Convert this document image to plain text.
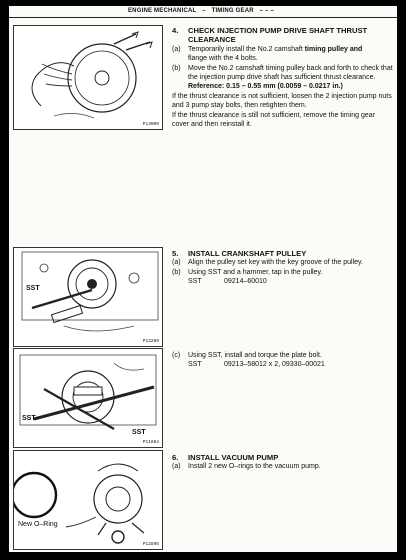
ENGINE MECHANICAL – TIMING GEAR – – –
P13009
SST
P12289
SST
SST
P11864
New O–Ring
P12895
4.	CHECK INJECTION PUMP DRIVE SHAFT THRUST
CLEARANCE
(a)	Temporarily install the No.2 camshaft timing pulley and
flange with the 4 bolts.
(b)	Move the No.2 camshaft timing pulley back and forth to check that the injection pump drive shaft has sufficient thrust clearance.
Reference: 0.15 – 0.55 mm (0.0059 – 0.0217 in.)
If the thrust clearance is not sufficient, loosen the 2 injection pump nuts and 3 pump stay bolts, then retighten them.
If the thrust clearance is still not sufficient, remove the timing gear cover and then reinstall it.
5.	INSTALL CRANKSHAFT PULLEY
(a)	Align the pulley set key with the key groove of the pulley.
(b)	Using SST and a hammer, tap in the pulley.
SST	09214–60010
(c)	Using SST, install and torque the plate bolt.
SST	09213–58012 x 2, 09330–00021
6.	INSTALL VACUUM PUMP
(a)	Install 2 new O–rings to the vacuum pump.
